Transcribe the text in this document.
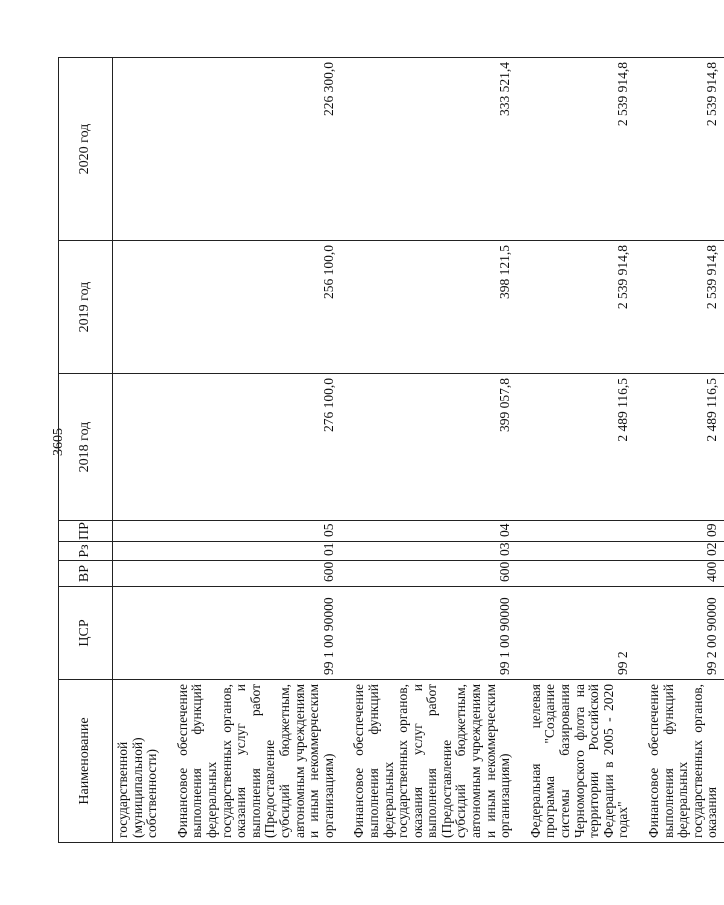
3605
Наименование	ЦСР	ВР	Рз	ПР	2018 год	2019 год	2020 год
государственной (муниципальной) собственности)							
Финансовое обеспечение выполнения функций федеральных государственных органов, оказания услуг и выполнения работ (Предоставление субсидий бюджетным, автономным учреждениям и иным некоммерческим организациям)	99 1 00 90000	600	01	05	276 100,0	256 100,0	226 300,0
Финансовое обеспечение выполнения функций федеральных государственных органов, оказания услуг и выполнения работ (Предоставление субсидий бюджетным, автономным учреждениям и иным некоммерческим организациям)	99 1 00 90000	600	03	04	399 057,8	398 121,5	333 521,4
Федеральная целевая программа "Создание системы базирования Черноморского флота на территории Российской Федерации в 2005 - 2020 годах"	99 2				2 489 116,5	2 539 914,8	2 539 914,8
Финансовое обеспечение выполнения функций федеральных государственных органов, оказания	99 2 00 90000	400	02	09	2 489 116,5	2 539 914,8	2 539 914,8
